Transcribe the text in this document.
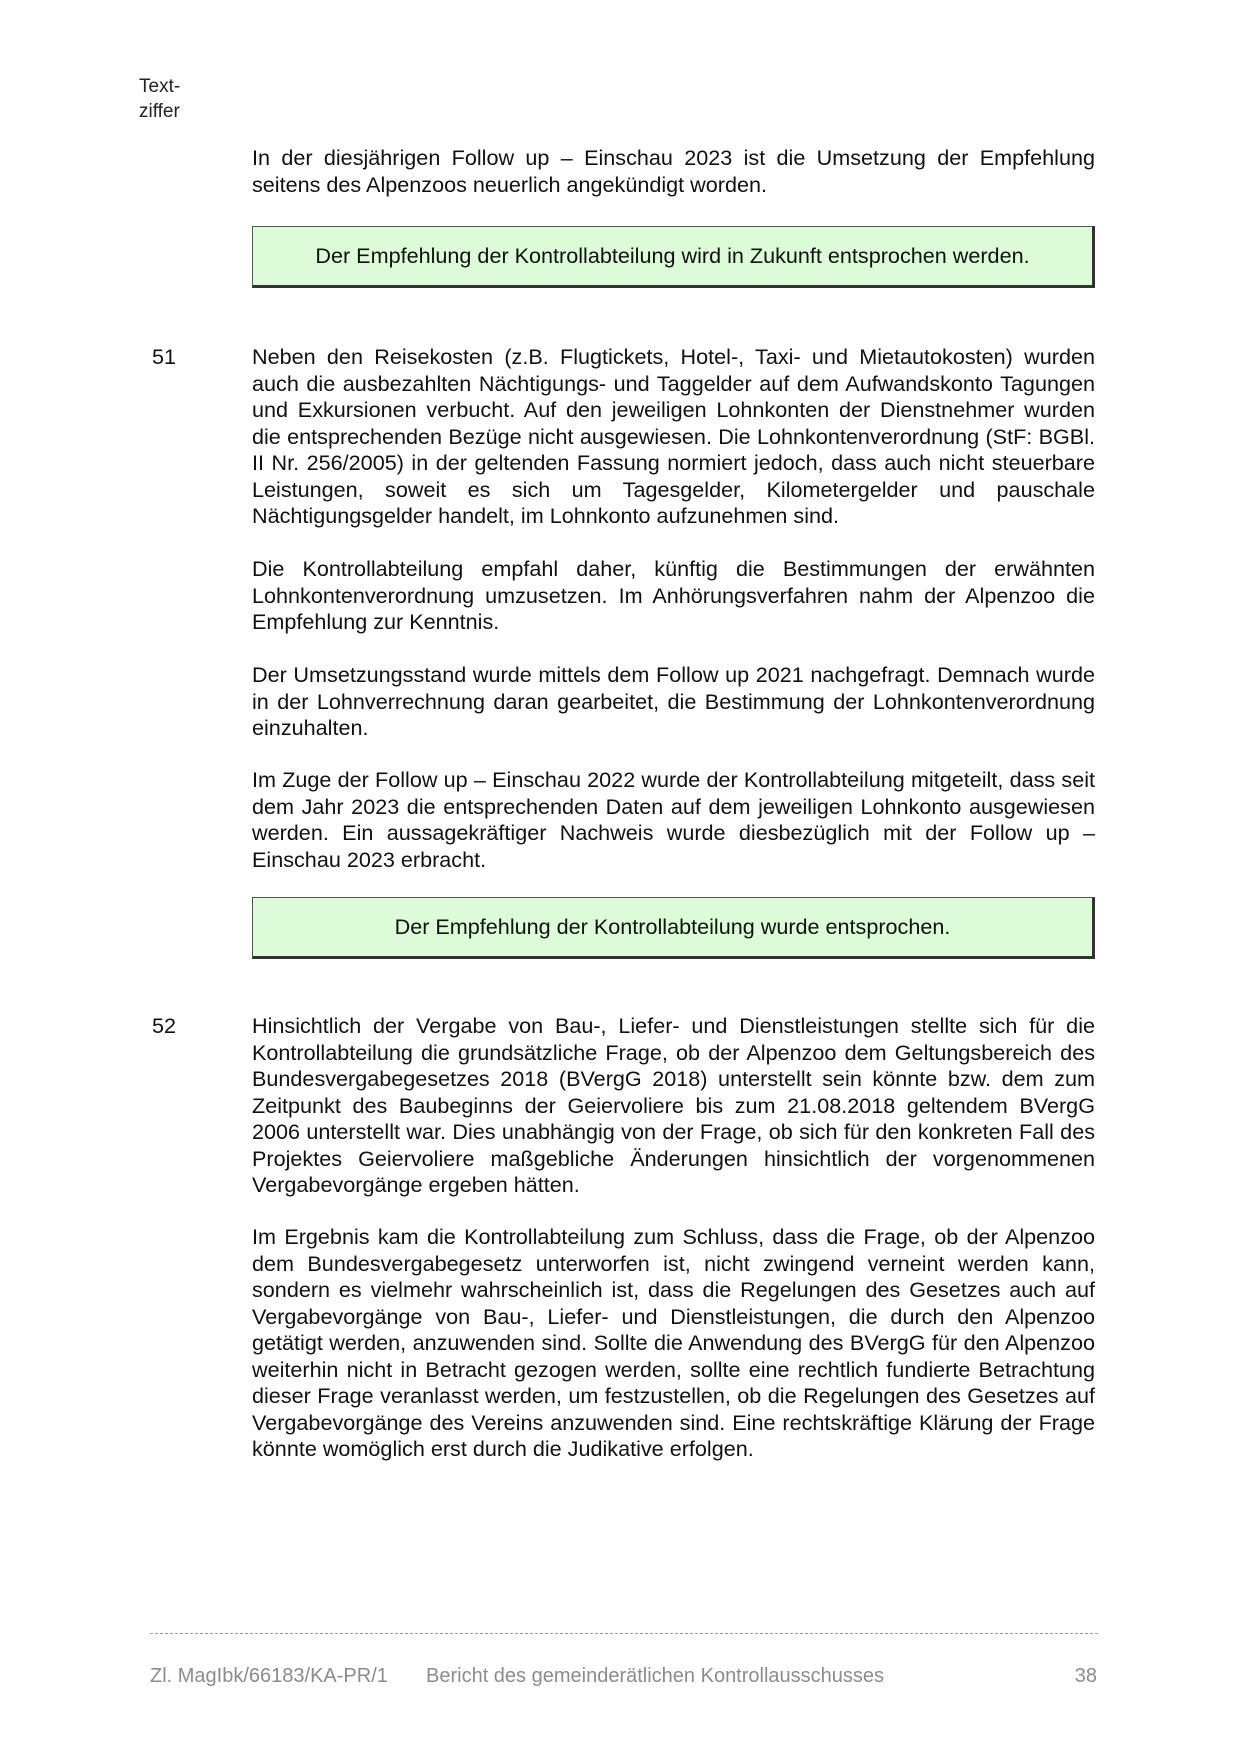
Text-
ziffer

In der diesjährigen Follow up – Einschau 2023 ist die Umsetzung der Empfehlung seitens des Alpenzoos neuerlich angekündigt worden.

Der Empfehlung der Kontrollabteilung wird in Zukunft entsprochen werden.

51	Neben den Reisekosten (z.B. Flugtickets, Hotel-, Taxi- und Mietautokosten) wurden auch die ausbezahlten Nächtigungs- und Taggelder auf dem Aufwandskonto Tagungen und Exkursionen verbucht. Auf den jeweiligen Lohnkonten der Dienstnehmer wurden die entsprechenden Bezüge nicht ausgewiesen. Die Lohnkontenverordnung (StF: BGBl. II Nr. 256/2005) in der geltenden Fassung normiert jedoch, dass auch nicht steuerbare Leistungen, soweit es sich um Tagesgelder, Kilometergelder und pauschale Nächtigungsgelder handelt, im Lohnkonto aufzunehmen sind.

Die Kontrollabteilung empfahl daher, künftig die Bestimmungen der erwähnten Lohnkontenverordnung umzusetzen. Im Anhörungsverfahren nahm der Alpenzoo die Empfehlung zur Kenntnis.

Der Umsetzungsstand wurde mittels dem Follow up 2021 nachgefragt. Demnach wurde in der Lohnverrechnung daran gearbeitet, die Bestimmung der Lohnkontenverordnung einzuhalten.

Im Zuge der Follow up – Einschau 2022 wurde der Kontrollabteilung mitgeteilt, dass seit dem Jahr 2023 die entsprechenden Daten auf dem jeweiligen Lohnkonto ausgewiesen werden. Ein aussagekräftiger Nachweis wurde diesbezüglich mit der Follow up – Einschau 2023 erbracht.

Der Empfehlung der Kontrollabteilung wurde entsprochen.

52	Hinsichtlich der Vergabe von Bau-, Liefer- und Dienstleistungen stellte sich für die Kontrollabteilung die grundsätzliche Frage, ob der Alpenzoo dem Geltungsbereich des Bundesvergabegesetzes 2018 (BVergG 2018) unterstellt sein könnte bzw. dem zum Zeitpunkt des Baubeginns der Geiervoliere bis zum 21.08.2018 geltendem BVergG 2006 unterstellt war. Dies unabhängig von der Frage, ob sich für den konkreten Fall des Projektes Geiervoliere maßgebliche Änderungen hinsichtlich der vorgenommenen Vergabevorgänge ergeben hätten.

Im Ergebnis kam die Kontrollabteilung zum Schluss, dass die Frage, ob der Alpenzoo dem Bundesvergabegesetz unterworfen ist, nicht zwingend verneint werden kann, sondern es vielmehr wahrscheinlich ist, dass die Regelungen des Gesetzes auch auf Vergabevorgänge von Bau-, Liefer- und Dienstleistungen, die durch den Alpenzoo getätigt werden, anzuwenden sind. Sollte die Anwendung des BVergG für den Alpenzoo weiterhin nicht in Betracht gezogen werden, sollte eine rechtlich fundierte Betrachtung dieser Frage veranlasst werden, um festzustellen, ob die Regelungen des Gesetzes auf Vergabevorgänge des Vereins anzuwenden sind. Eine rechtskräftige Klärung der Frage könnte womöglich erst durch die Judikative erfolgen.

Zl. MagIbk/66183/KA-PR/1 Bericht des gemeinderätlichen Kontrollausschusses	38
